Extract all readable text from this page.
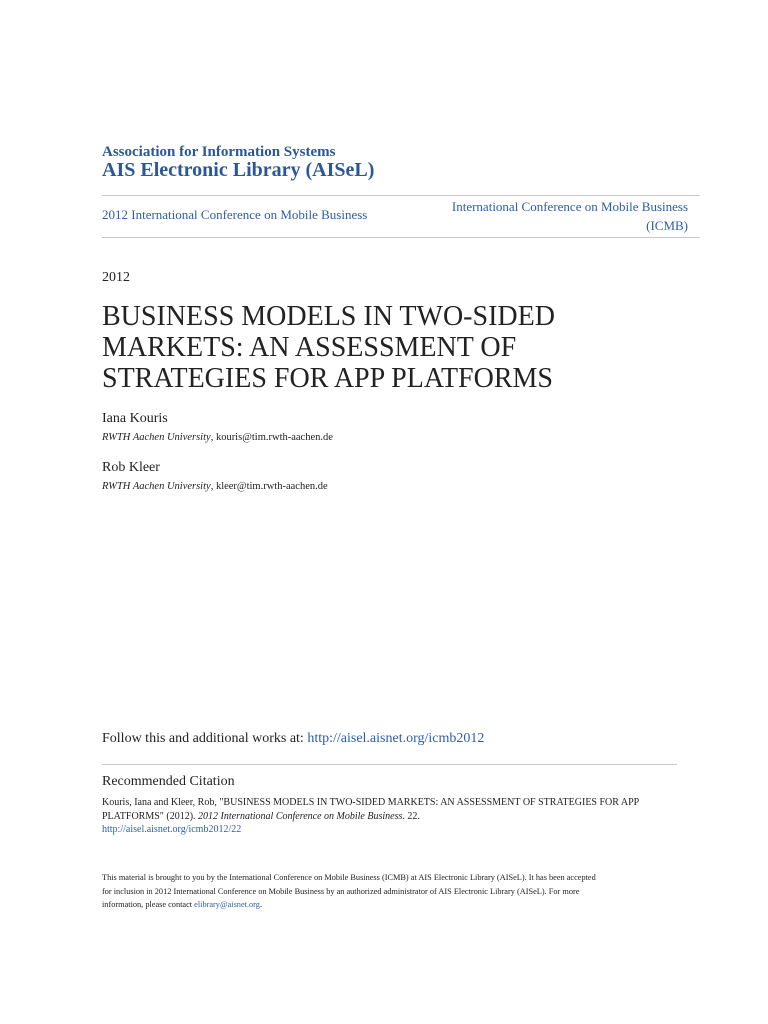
Association for Information Systems
AIS Electronic Library (AISeL)
2012 International Conference on Mobile Business
International Conference on Mobile Business
(ICMB)
2012
BUSINESS MODELS IN TWO-SIDED
MARKETS: AN ASSESSMENT OF
STRATEGIES FOR APP PLATFORMS
Iana Kouris
RWTH Aachen University, kouris@tim.rwth-aachen.de
Rob Kleer
RWTH Aachen University, kleer@tim.rwth-aachen.de
Follow this and additional works at: http://aisel.aisnet.org/icmb2012
Recommended Citation
Kouris, Iana and Kleer, Rob, "BUSINESS MODELS IN TWO-SIDED MARKETS: AN ASSESSMENT OF STRATEGIES FOR APP
PLATFORMS" (2012). 2012 International Conference on Mobile Business. 22.
http://aisel.aisnet.org/icmb2012/22
This material is brought to you by the International Conference on Mobile Business (ICMB) at AIS Electronic Library (AISeL). It has been accepted
for inclusion in 2012 International Conference on Mobile Business by an authorized administrator of AIS Electronic Library (AISeL). For more
information, please contact elibrary@aisnet.org.
